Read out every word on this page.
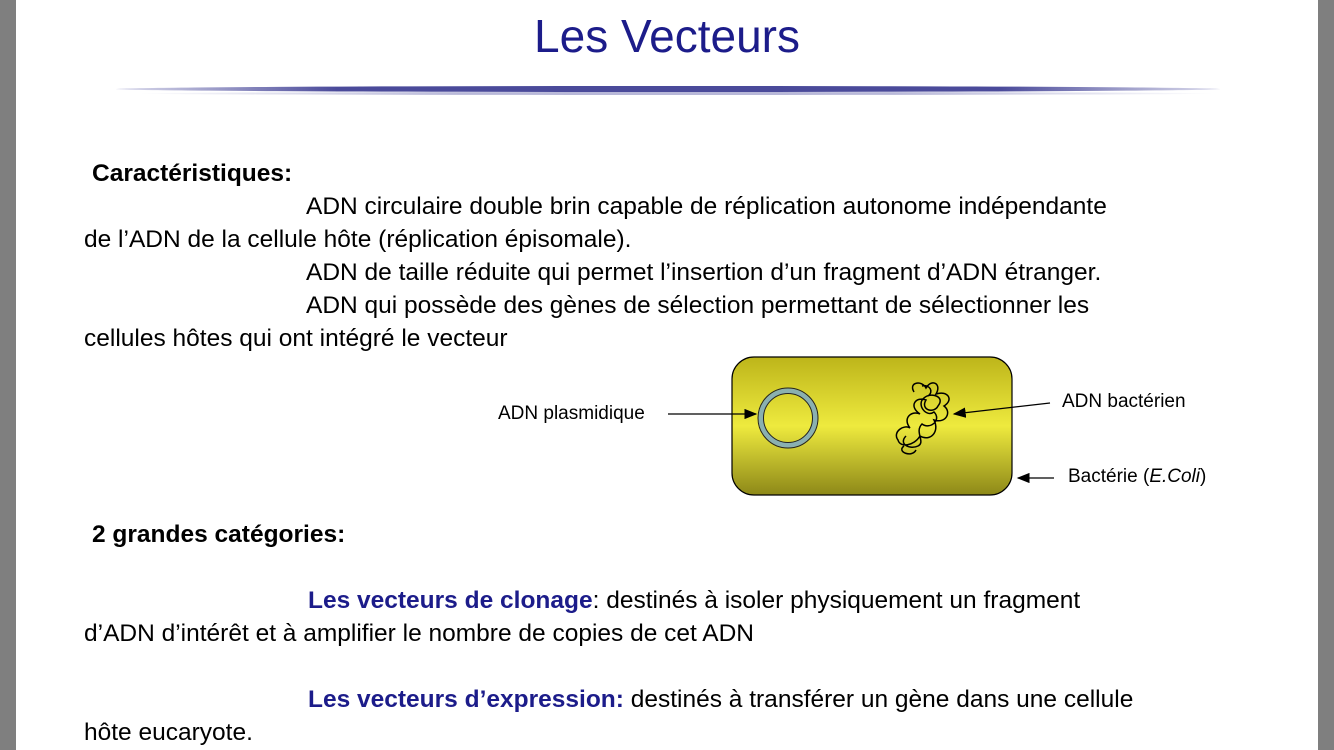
Les Vecteurs
Caractéristiques:
ADN circulaire double brin capable de réplication autonome indépendante
de l’ADN de la cellule hôte (réplication épisomale).
ADN de taille réduite qui permet l’insertion d’un fragment d’ADN étranger.
ADN qui possède des gènes de sélection permettant de sélectionner les
cellules hôtes qui ont intégré le vecteur
ADN plasmidique
ADN bactérien
Bactérie (E.Coli)
2 grandes catégories:
Les vecteurs de clonage: destinés à isoler physiquement un fragment
d’ADN d’intérêt et à amplifier le nombre de copies de cet ADN
Les vecteurs d’expression: destinés à transférer un gène dans une cellule
hôte eucaryote.
